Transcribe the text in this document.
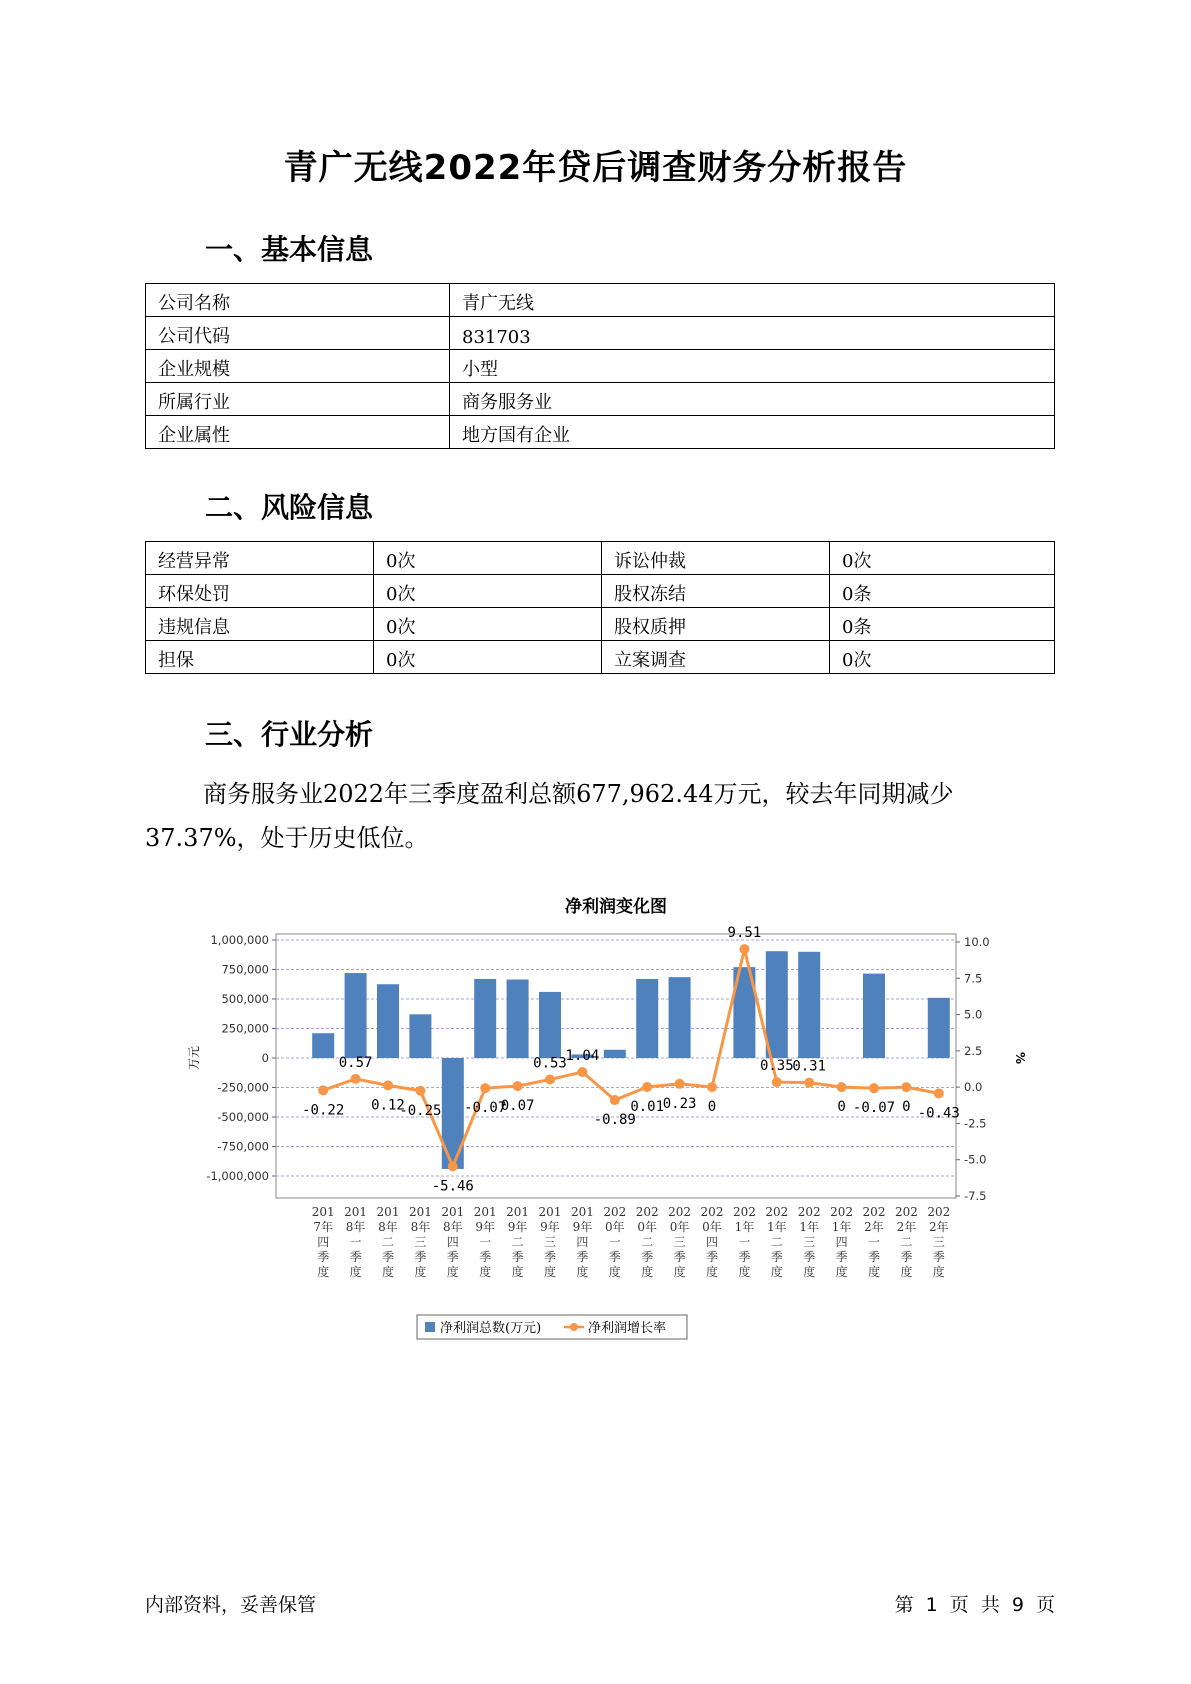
青广无线2022年贷后调查财务分析报告
一、基本信息
公司名称	青广无线
公司代码	831703
企业规模	小型
所属行业	商务服务业
企业属性	地方国有企业
二、风险信息
经营异常	0次	诉讼仲裁	0次
环保处罚	0次	股权冻结	0条
违规信息	0次	股权质押	0条
担保	0次	立案调查	0次
三、行业分析
商务服务业2022年三季度盈利总额677,962.44万元，较去年同期减少37.37%，处于历史低位。
净利润变化图
1,000,000
750,000
500,000
250,000
0
-250,000
-500,000
-750,000
-1,000,000
10.0
7.5
5.0
2.5
0.0
-2.5
-5.0
-7.5
万元	%
-0.22
0.57
0.12
-0.25
-5.46
-0.07
0.07
0.53
1.04
-0.89
0.01
0.23 0
9.51
0.35
0.31
0 -0.07 0 -0.43
201 7年四季度
201 8年一季度
201 8年二季度
201 8年三季度
201 8年四季度
201 9年一季度
201 9年二季度
201 9年三季度
201 9年四季度
202 0年一季度
202 0年二季度
202 0年三季度
202 0年四季度
202 1年一季度
202 1年二季度
202 1年三季度
202 1年四季度
202 2年一季度
202 2年二季度
202 2年三季度
净利润总数(万元)	净利润增长率
内部资料，妥善保管	第 1 页 共 9 页
